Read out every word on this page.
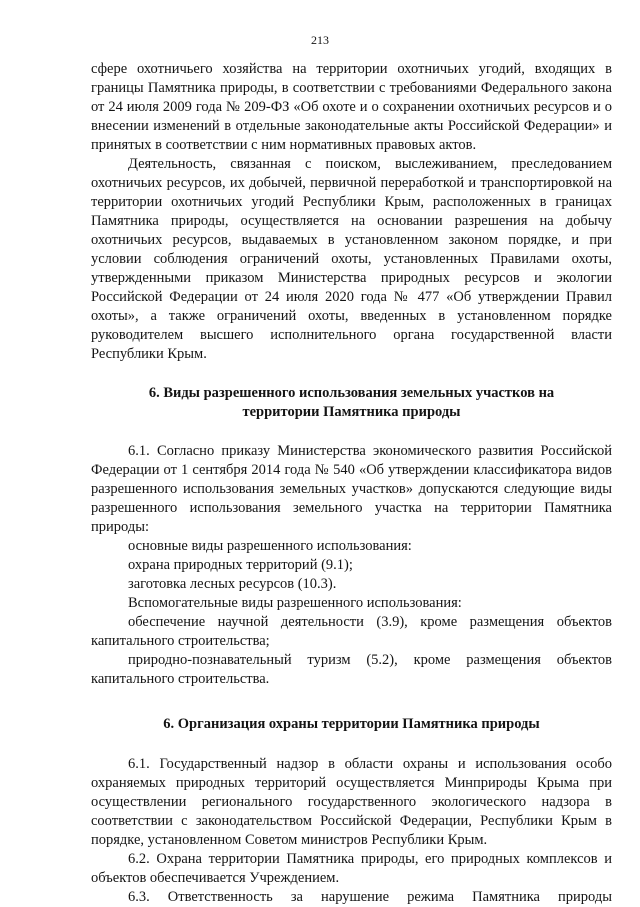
213

сфере охотничьего хозяйства на территории охотничьих угодий, входящих в границы Памятника природы, в соответствии с требованиями Федерального закона от 24 июля 2009 года № 209-ФЗ «Об охоте и о сохранении охотничьих ресурсов и о внесении изменений в отдельные законодательные акты Российской Федерации» и принятых в соответствии с ним нормативных правовых актов.

Деятельность, связанная с поиском, выслеживанием, преследованием охотничьих ресурсов, их добычей, первичной переработкой и транспортировкой на территории охотничьих угодий Республики Крым, расположенных в границах Памятника природы, осуществляется на основании разрешения на добычу охотничьих ресурсов, выдаваемых в установленном законом порядке, и при условии соблюдения ограничений охоты, установленных Правилами охоты, утвержденными приказом Министерства природных ресурсов и экологии Российской Федерации от 24 июля 2020 года № 477 «Об утверждении Правил охоты», а также ограничений охоты, введенных в установленном порядке руководителем высшего исполнительного органа государственной власти Республики Крым.

6. Виды разрешенного использования земельных участков на
территории Памятника природы

6.1. Согласно приказу Министерства экономического развития Российской Федерации от 1 сентября 2014 года № 540 «Об утверждении классификатора видов разрешенного использования земельных участков» допускаются следующие виды разрешенного использования земельного участка на территории Памятника природы:

основные виды разрешенного использования:

охрана природных территорий (9.1);

заготовка лесных ресурсов (10.3).

Вспомогательные виды разрешенного использования:

обеспечение научной деятельности (3.9), кроме размещения объектов капитального строительства;

природно-познавательный туризм (5.2), кроме размещения объектов капитального строительства.

6. Организация охраны территории Памятника природы

6.1. Государственный надзор в области охраны и использования особо охраняемых природных территорий осуществляется Минприроды Крыма при осуществлении регионального государственного экологического надзора в соответствии с законодательством Российской Федерации, Республики Крым в порядке, установленном Советом министров Республики Крым.

6.2. Охрана территории Памятника природы, его природных комплексов и объектов обеспечивается Учреждением.

6.3. Ответственность за нарушение режима Памятника природы
